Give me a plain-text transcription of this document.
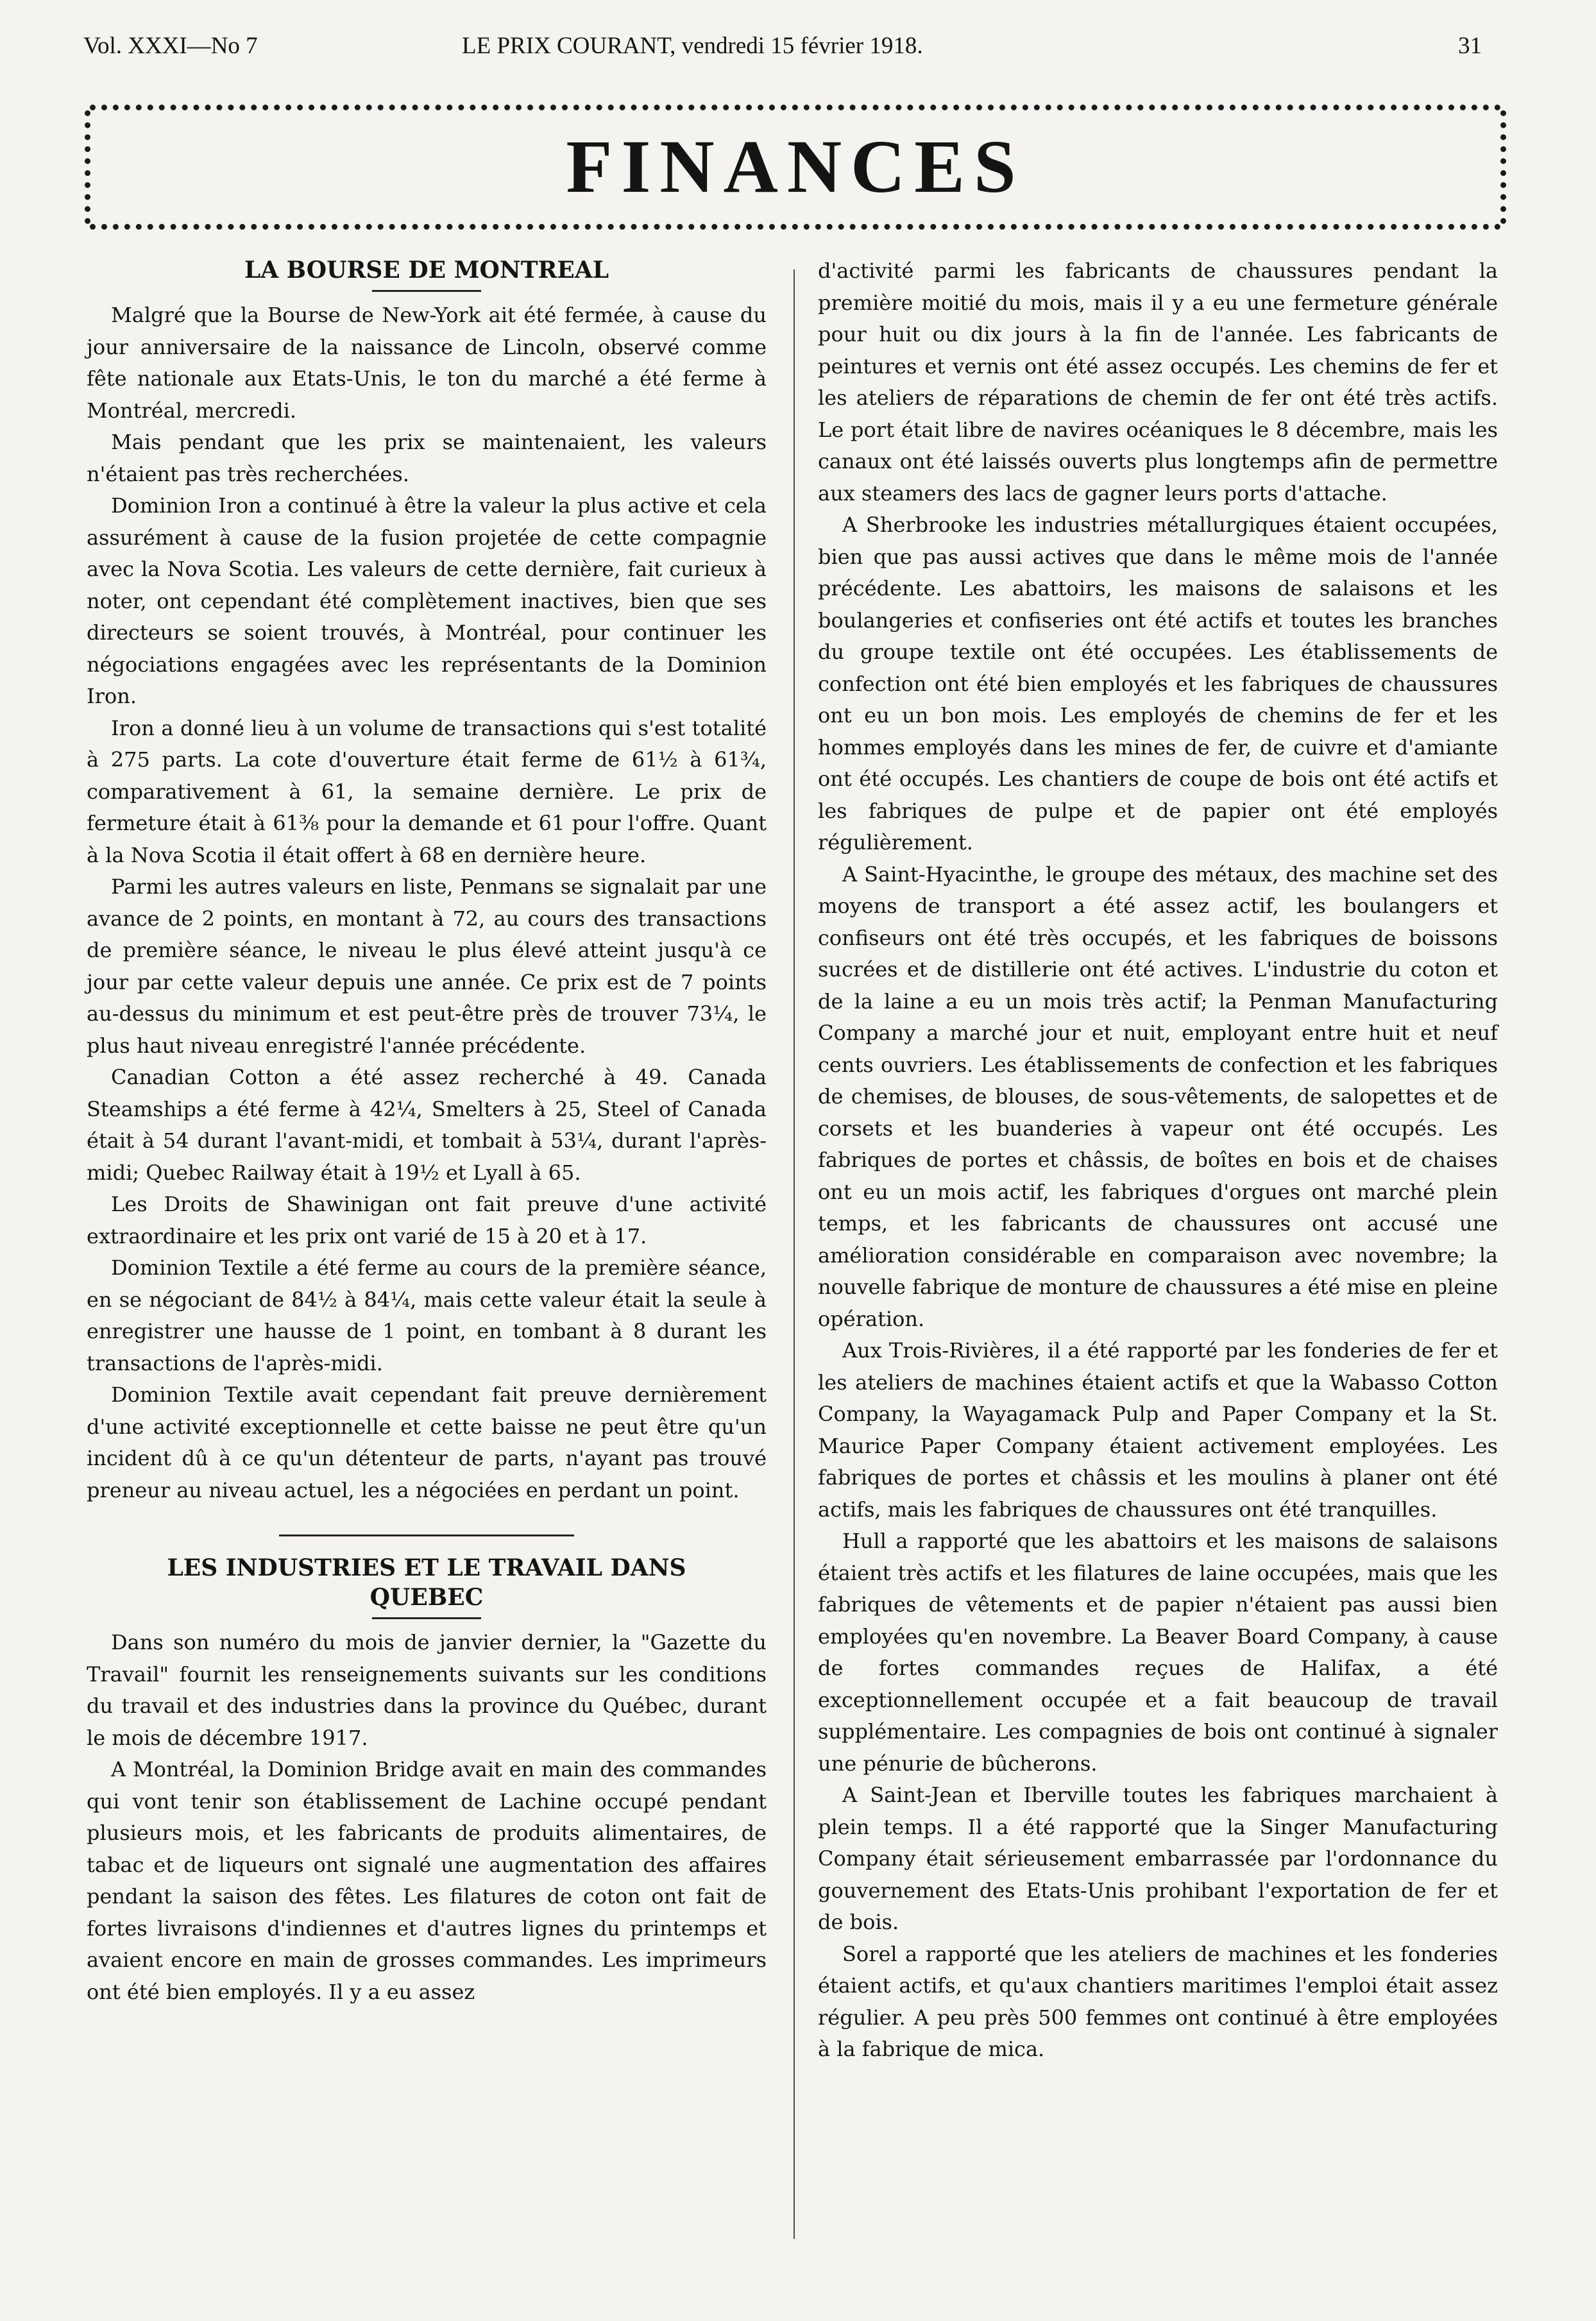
Vol. XXXI—No 7	LE PRIX COURANT, vendredi 15 février 1918.	31
FINANCES
LA BOURSE DE MONTREAL

Malgré que la Bourse de New-York ait été fermée, à cause du jour anniversaire de la naissance de Lincoln, observé comme fête nationale aux Etats-Unis, le ton du marché a été ferme à Montréal, mercredi.

Mais pendant que les prix se maintenaient, les valeurs n'étaient pas très recherchées.

Dominion Iron a continué à être la valeur la plus active et cela assurément à cause de la fusion projetée de cette compagnie avec la Nova Scotia. Les valeurs de cette dernière, fait curieux à noter, ont cependant été complètement inactives, bien que ses directeurs se soient trouvés, à Montréal, pour continuer les négociations engagées avec les représentants de la Dominion Iron.

Iron a donné lieu à un volume de transactions qui s'est totalité à 275 parts. La cote d'ouverture était ferme de 61½ à 61¾, comparativement à 61, la semaine dernière. Le prix de fermeture était à 61⅜ pour la demande et 61 pour l'offre. Quant à la Nova Scotia il était offert à 68 en dernière heure.

Parmi les autres valeurs en liste, Penmans se signalait par une avance de 2 points, en montant à 72, au cours des transactions de première séance, le niveau le plus élevé atteint jusqu'à ce jour par cette valeur depuis une année. Ce prix est de 7 points au-dessus du minimum et est peut-être près de trouver 73¼, le plus haut niveau enregistré l'année précédente.

Canadian Cotton a été assez recherché à 49. Canada Steamships a été ferme à 42¼, Smelters à 25, Steel of Canada était à 54 durant l'avant-midi, et tombait à 53¼, durant l'après-midi; Quebec Railway était à 19½ et Lyall à 65.

Les Droits de Shawinigan ont fait preuve d'une activité extraordinaire et les prix ont varié de 15 à 20 et à 17.

Dominion Textile a été ferme au cours de la première séance, en se négociant de 84½ à 84¼, mais cette valeur était la seule à enregistrer une hausse de 1 point, en tombant à 8 durant les transactions de l'après-midi.

Dominion Textile avait cependant fait preuve dernièrement d'une activité exceptionnelle et cette baisse ne peut être qu'un incident dû à ce qu'un détenteur de parts, n'ayant pas trouvé preneur au niveau actuel, les a négociées en perdant un point.

LES INDUSTRIES ET LE TRAVAIL DANS
QUEBEC

Dans son numéro du mois de janvier dernier, la "Gazette du Travail" fournit les renseignements suivants sur les conditions du travail et des industries dans la province du Québec, durant le mois de décembre 1917.

A Montréal, la Dominion Bridge avait en main des commandes qui vont tenir son établissement de Lachine occupé pendant plusieurs mois, et les fabricants de produits alimentaires, de tabac et de liqueurs ont signalé une augmentation des affaires pendant la saison des fêtes. Les filatures de coton ont fait de fortes livraisons d'indiennes et d'autres lignes du printemps et avaient encore en main de grosses commandes. Les imprimeurs ont été bien employés. Il y a eu assez

d'activité parmi les fabricants de chaussures pendant la première moitié du mois, mais il y a eu une fermeture générale pour huit ou dix jours à la fin de l'année. Les fabricants de peintures et vernis ont été assez occupés. Les chemins de fer et les ateliers de réparations de chemin de fer ont été très actifs. Le port était libre de navires océaniques le 8 décembre, mais les canaux ont été laissés ouverts plus longtemps afin de permettre aux steamers des lacs de gagner leurs ports d'attache.

A Sherbrooke les industries métallurgiques étaient occupées, bien que pas aussi actives que dans le même mois de l'année précédente. Les abattoirs, les maisons de salaisons et les boulangeries et confiseries ont été actifs et toutes les branches du groupe textile ont été occupées. Les établissements de confection ont été bien employés et les fabriques de chaussures ont eu un bon mois. Les employés de chemins de fer et les hommes employés dans les mines de fer, de cuivre et d'amiante ont été occupés. Les chantiers de coupe de bois ont été actifs et les fabriques de pulpe et de papier ont été employés régulièrement.

A Saint-Hyacinthe, le groupe des métaux, des machine set des moyens de transport a été assez actif, les boulangers et confiseurs ont été très occupés, et les fabriques de boissons sucrées et de distillerie ont été actives. L'industrie du coton et de la laine a eu un mois très actif; la Penman Manufacturing Company a marché jour et nuit, employant entre huit et neuf cents ouvriers. Les établissements de confection et les fabriques de chemises, de blouses, de sous-vêtements, de salopettes et de corsets et les buanderies à vapeur ont été occupés. Les fabriques de portes et châssis, de boîtes en bois et de chaises ont eu un mois actif, les fabriques d'orgues ont marché plein temps, et les fabricants de chaussures ont accusé une amélioration considérable en comparaison avec novembre; la nouvelle fabrique de monture de chaussures a été mise en pleine opération.

Aux Trois-Rivières, il a été rapporté par les fonderies de fer et les ateliers de machines étaient actifs et que la Wabasso Cotton Company, la Wayagamack Pulp and Paper Company et la St. Maurice Paper Company étaient activement employées. Les fabriques de portes et châssis et les moulins à planer ont été actifs, mais les fabriques de chaussures ont été tranquilles.

Hull a rapporté que les abattoirs et les maisons de salaisons étaient très actifs et les filatures de laine occupées, mais que les fabriques de vêtements et de papier n'étaient pas aussi bien employées qu'en novembre. La Beaver Board Company, à cause de fortes commandes reçues de Halifax, a été exceptionnellement occupée et a fait beaucoup de travail supplémentaire. Les compagnies de bois ont continué à signaler une pénurie de bûcherons.

A Saint-Jean et Iberville toutes les fabriques marchaient à plein temps. Il a été rapporté que la Singer Manufacturing Company était sérieusement embarrassée par l'ordonnance du gouvernement des Etats-Unis prohibant l'exportation de fer et de bois.

Sorel a rapporté que les ateliers de machines et les fonderies étaient actifs, et qu'aux chantiers maritimes l'emploi était assez régulier. A peu près 500 femmes ont continué à être employées à la fabrique de mica.
